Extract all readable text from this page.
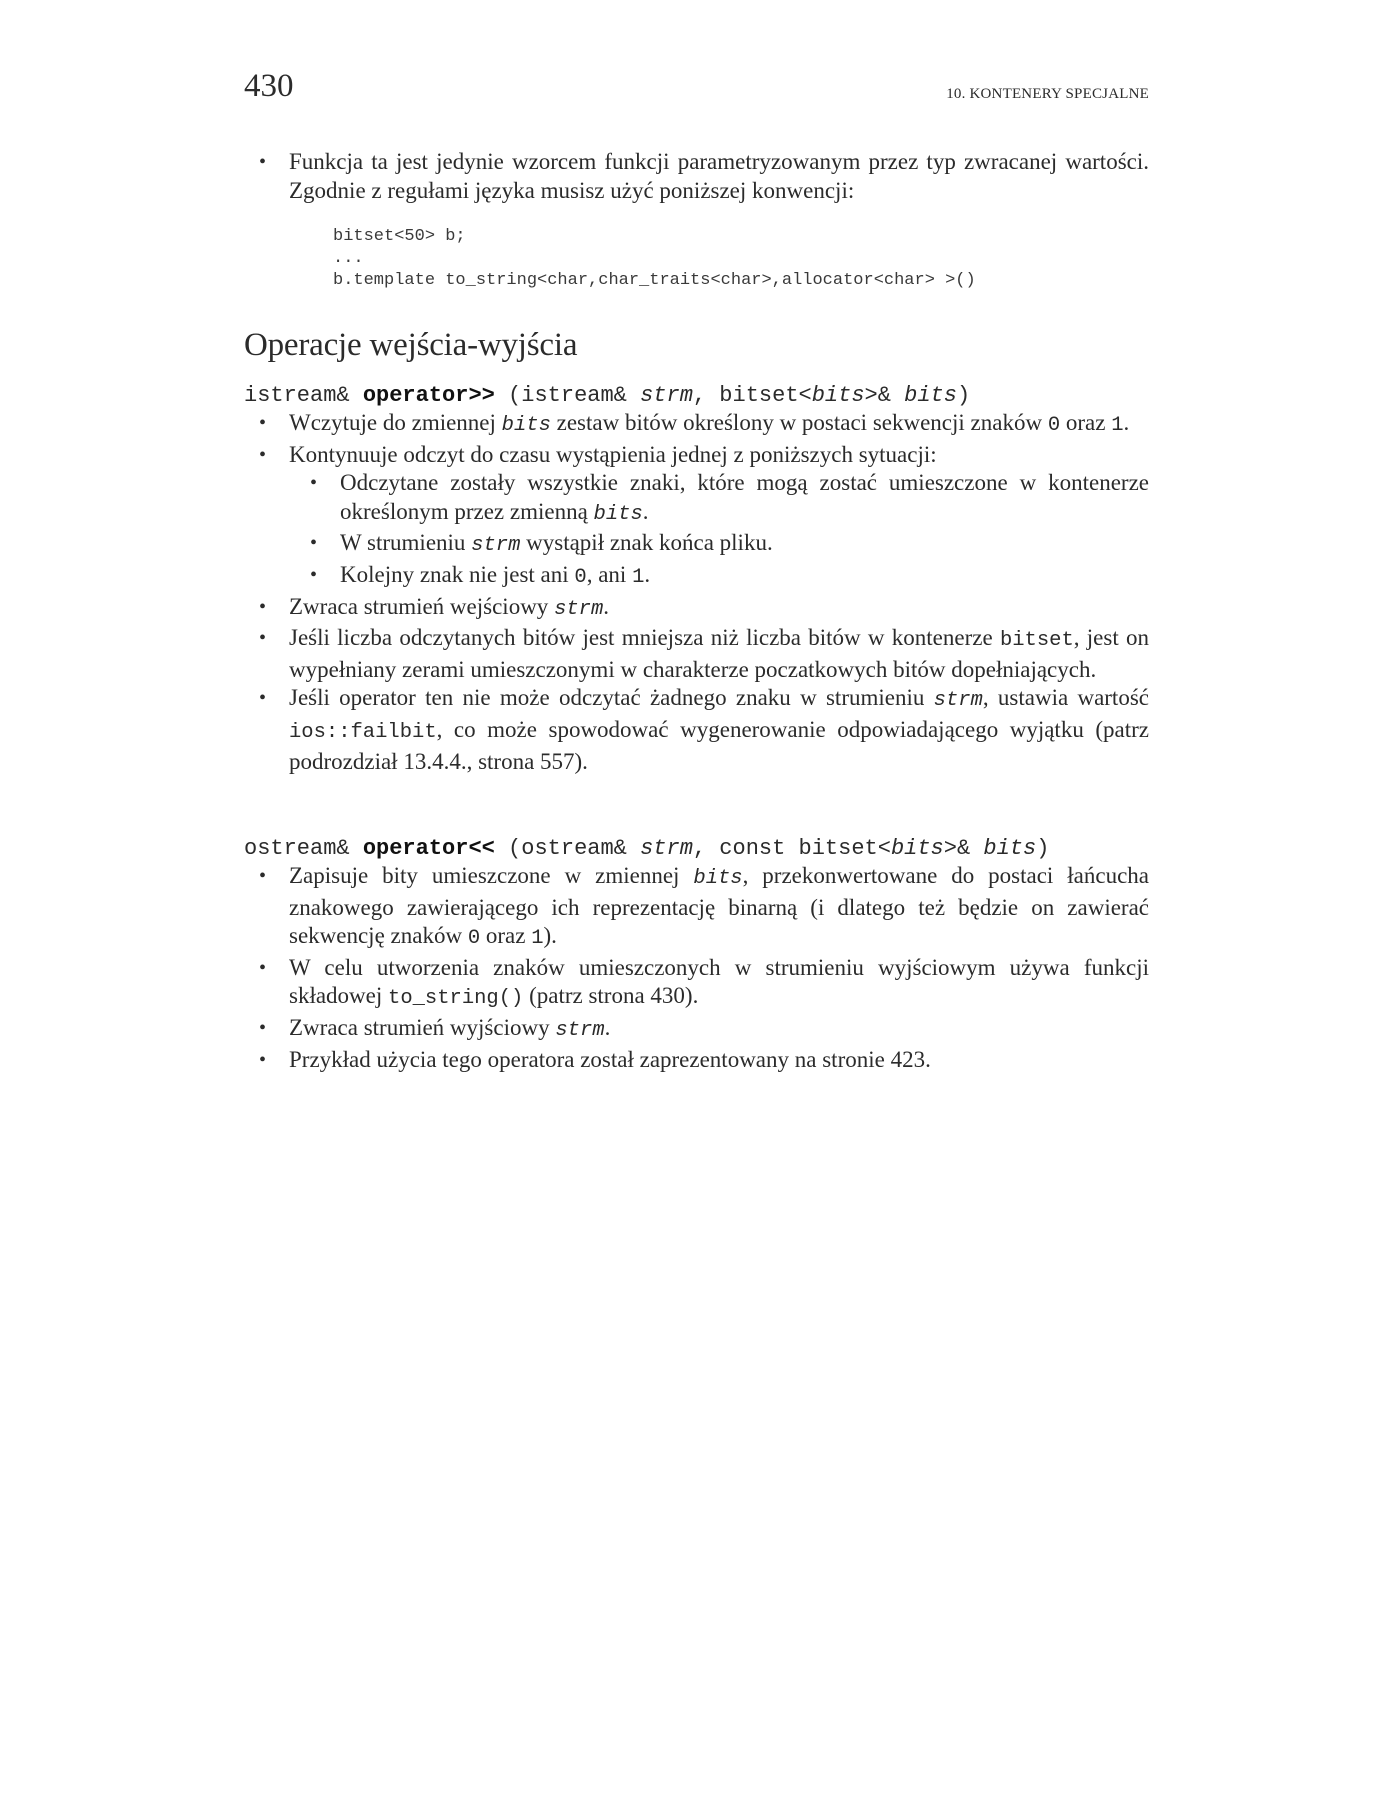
430	10. KONTENERY SPECJALNE
• Funkcja ta jest jedynie wzorcem funkcji parametryzowanym przez typ zwracanej wartości. Zgodnie z regułami języka musisz użyć poniższej konwencji:
bitset<50> b;
...
b.template to_string<char,char_traits<char>,allocator<char> >()
Operacje wejścia-wyjścia
istream& operator>> (istream& strm, bitset<bits>& bits)
• Wczytuje do zmiennej bits zestaw bitów określony w postaci sekwencji znaków 0 oraz 1.
• Kontynuuje odczyt do czasu wystąpienia jednej z poniższych sytuacji:
• Odczytane zostały wszystkie znaki, które mogą zostać umieszczone w kontenerze określonym przez zmienną bits.
• W strumieniu strm wystąpił znak końca pliku.
• Kolejny znak nie jest ani 0, ani 1.
• Zwraca strumień wejściowy strm.
• Jeśli liczba odczytanych bitów jest mniejsza niż liczba bitów w kontenerze bitset, jest on wypełniany zerami umieszczonymi w charakterze poczatkowych bitów dopełniających.
• Jeśli operator ten nie może odczytać żadnego znaku w strumieniu strm, ustawia wartość ios::failbit, co może spowodować wygenerowanie odpowiadającego wyjątku (patrz podrozdział 13.4.4., strona 557).
ostream& operator<< (ostream& strm, const bitset<bits>& bits)
• Zapisuje bity umieszczone w zmiennej bits, przekonwertowane do postaci łańcucha znakowego zawierającego ich reprezentację binarną (i dlatego też będzie on zawierać sekwencję znaków 0 oraz 1).
• W celu utworzenia znaków umieszczonych w strumieniu wyjściowym używa funkcji składowej to_string() (patrz strona 430).
• Zwraca strumień wyjściowy strm.
• Przykład użycia tego operatora został zaprezentowany na stronie 423.
